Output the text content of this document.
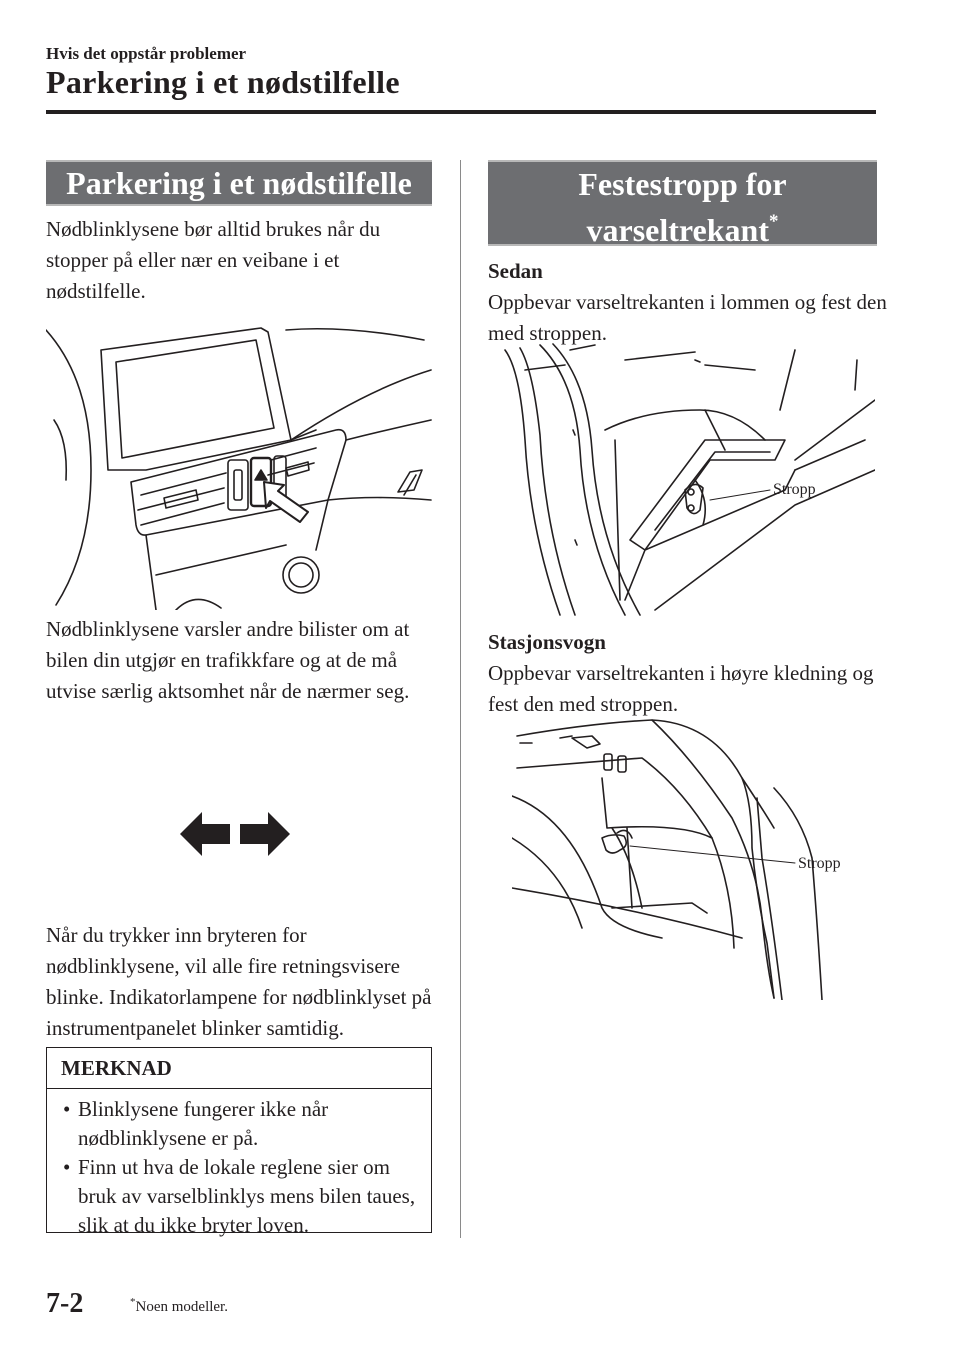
Hvis det oppstår problemer
Parkering i et nødstilfelle
Parkering i et nødstilfelle
Nødblinklysene bør alltid brukes når du stopper på eller nær en veibane i et nødstilfelle.
Nødblinklysene varsler andre bilister om at bilen din utgjør en trafikkfare og at de må utvise særlig aktsomhet når de nærmer seg.
Når du trykker inn bryteren for nødblinklysene, vil alle fire retningsvisere blinke. Indikatorlampene for nødblinklyset på instrumentpanelet blinker samtidig.
MERKNAD
• Blinklysene fungerer ikke når nødblinklysene er på.
• Finn ut hva de lokale reglene sier om bruk av varselblinklys mens bilen taues, slik at du ikke bryter loven.
Festestropp for
varseltrekant*
Sedan
Oppbevar varseltrekanten i lommen og fest den med stroppen.
Stropp
Stasjonsvogn
Oppbevar varseltrekanten i høyre kledning og fest den med stroppen.
Stropp
7-2	*Noen modeller.
